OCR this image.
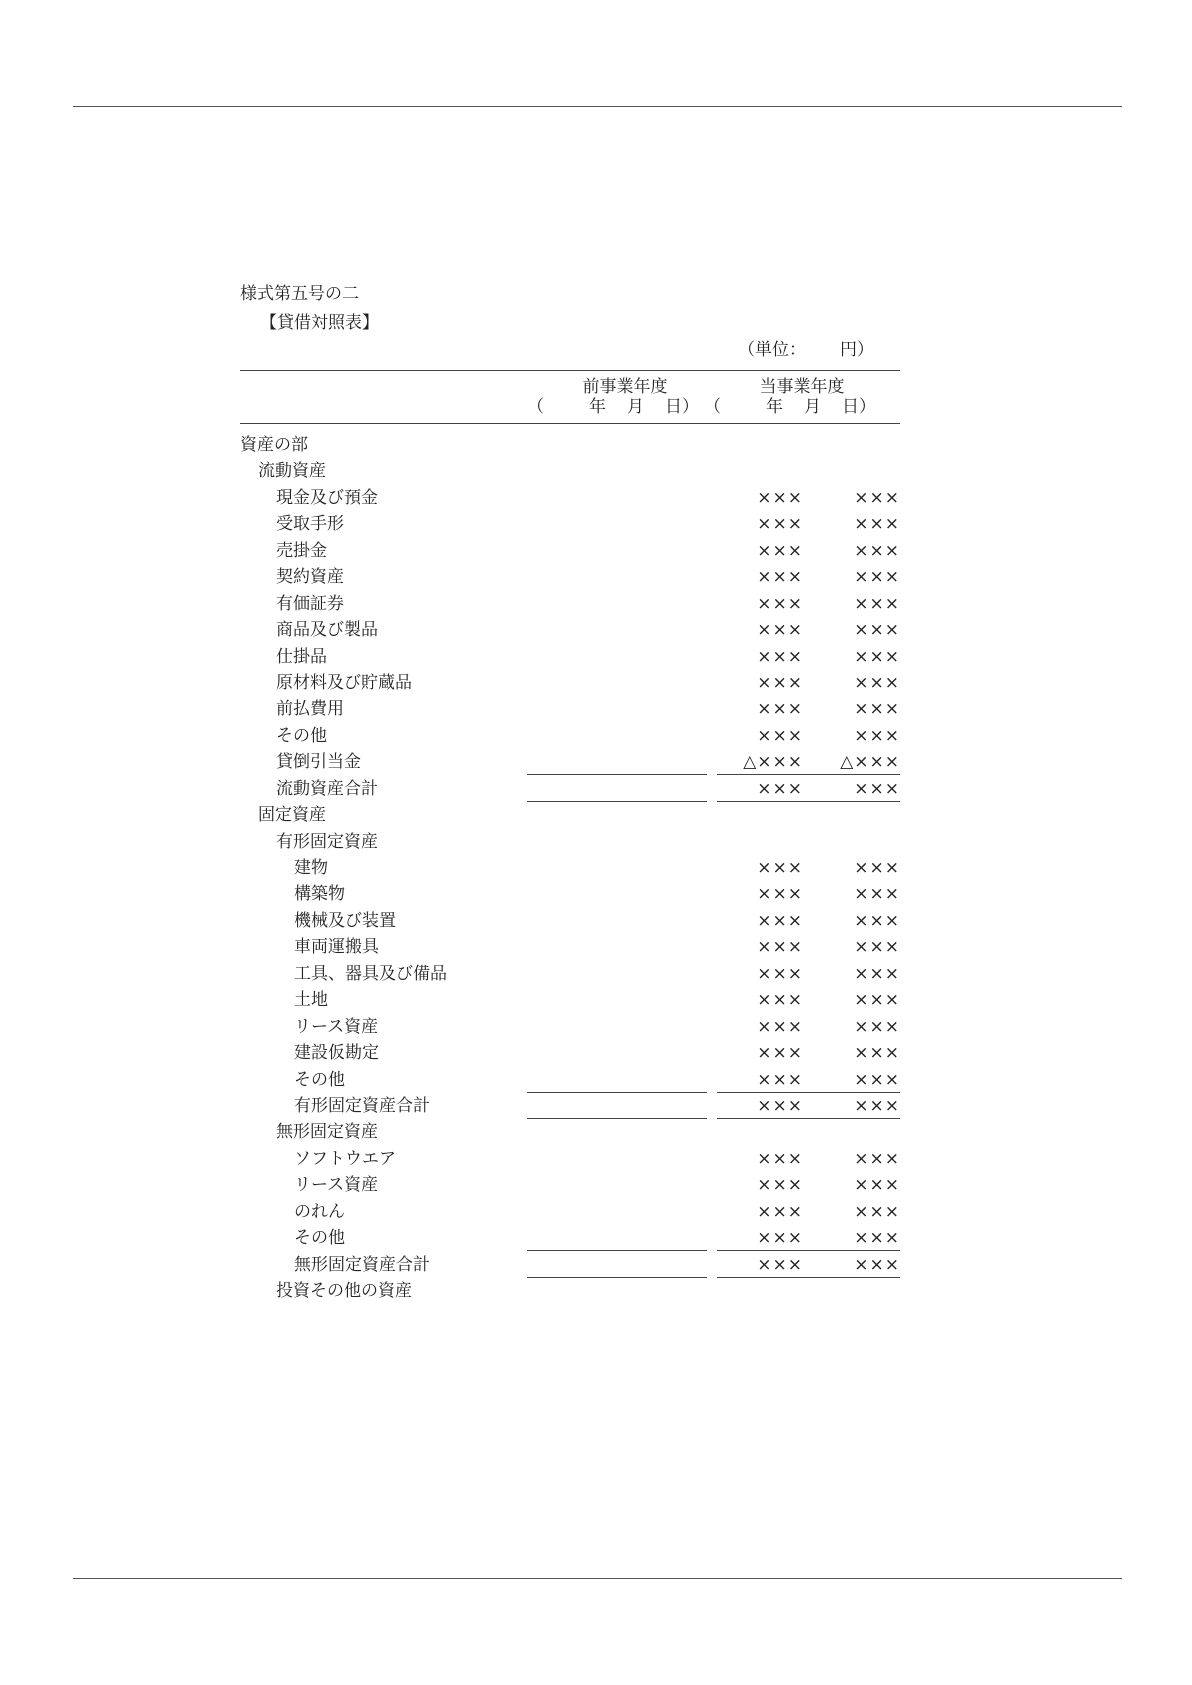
様式第五号の二
【貸借対照表】
（単位： 円）
前事業年度
（	年 月 日）
当事業年度
（	年 月 日）
資産の部
流動資産
現金及び預金	×××	×××
受取手形	×××	×××
売掛金	×××	×××
契約資産	×××	×××
有価証券	×××	×××
商品及び製品	×××	×××
仕掛品	×××	×××
原材料及び貯蔵品	×××	×××
前払費用	×××	×××
その他	×××	×××
貸倒引当金	△×××	△×××
流動資産合計	×××	×××
固定資産
有形固定資産
建物	×××	×××
構築物	×××	×××
機械及び装置	×××	×××
車両運搬具	×××	×××
工具、器具及び備品	×××	×××
土地	×××	×××
リース資産	×××	×××
建設仮勘定	×××	×××
その他	×××	×××
有形固定資産合計	×××	×××
無形固定資産
ソフトウエア	×××	×××
リース資産	×××	×××
のれん	×××	×××
その他	×××	×××
無形固定資産合計	×××	×××
投資その他の資産
